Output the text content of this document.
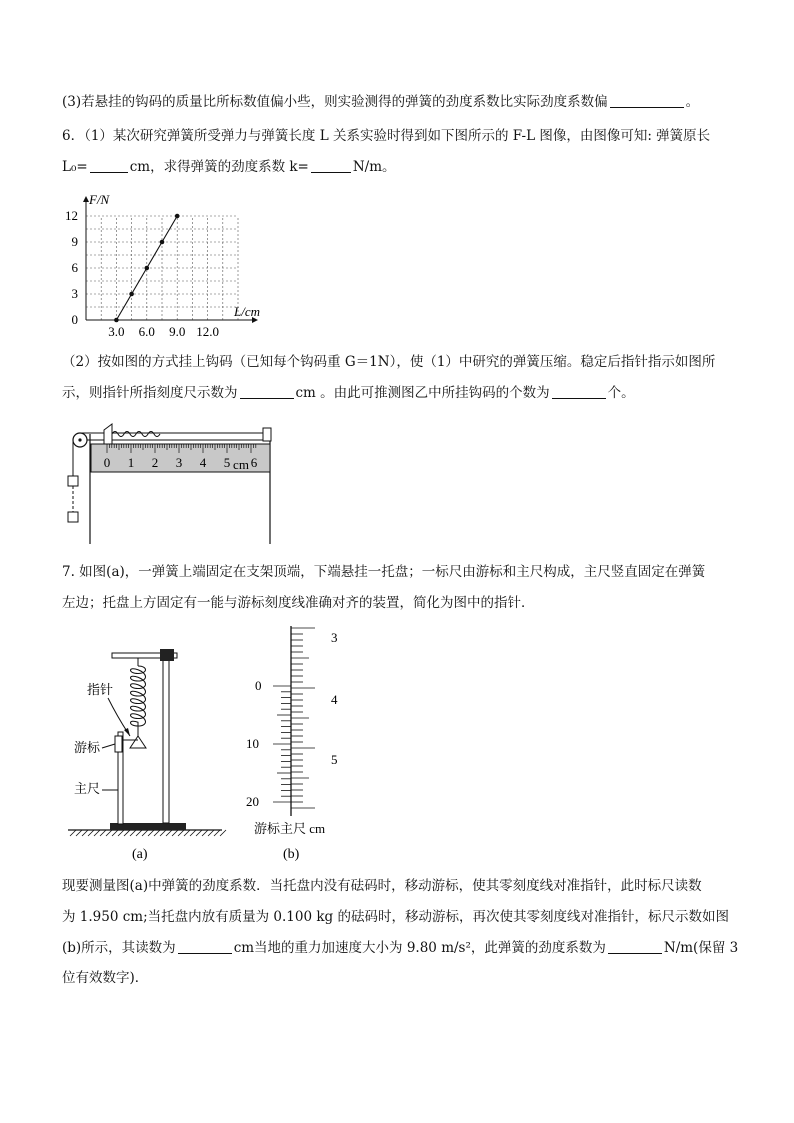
(3)若悬挂的钩码的质量比所标数值偏小些，则实验测得的弹簧的劲度系数比实际劲度系数偏	。
6．（1）某次研究弹簧所受弹力与弹簧长度 L 关系实验时得到如下图所示的 F-L 图像，由图像可知: 弹簧原长
L₀=	cm，求得弹簧的劲度系数 k=	N/m。
3.0 6.0 9.0 12.0
0
3
6
9
12
F/N
L/cm
（2）按如图的方式挂上钩码（已知每个钩码重 G＝1N），使（1）中研究的弹簧压缩。稳定后指针指示如图所
示，则指针所指刻度尺示数为	cm 。由此可推测图乙中所挂钩码的个数为	个。
0 1 2 3 4 5 cm 6
7. 如图(a)，一弹簧上端固定在支架顶端，下端悬挂一托盘；一标尺由游标和主尺构成，主尺竖直固定在弹簧
左边；托盘上方固定有一能与游标刻度线准确对齐的装置，简化为图中的指针．
指针
游标
主尺
(a)
3
4
5
0
10
20
游标主尺 cm
(b)
现要测量图(a)中弹簧的劲度系数．当托盘内没有砝码时，移动游标，使其零刻度线对准指针，此时标尺读数
为 1.950 cm;当托盘内放有质量为 0.100 kg 的砝码时，移动游标，再次使其零刻度线对准指针，标尺示数如图
(b)所示，其读数为	cm当地的重力加速度大小为 9.80 m/s²，此弹簧的劲度系数为	N/m(保留 3
位有效数字)．
